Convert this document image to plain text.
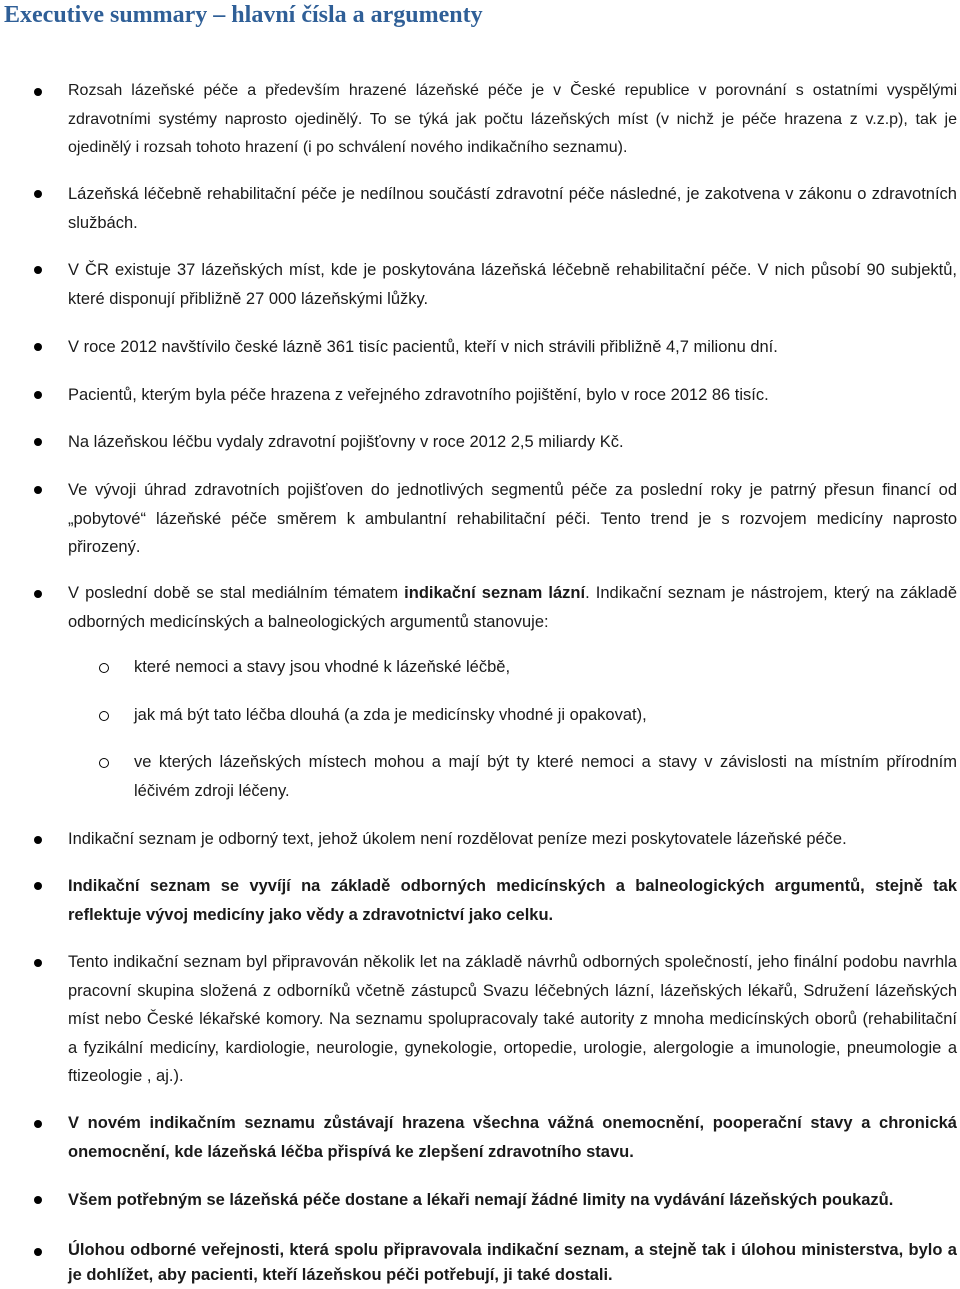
Executive summary – hlavní čísla a argumenty
Rozsah lázeňské péče a především hrazené lázeňské péče je v České republice v porovnání s ostatními vyspělými zdravotními systémy naprosto ojedinělý. To se týká jak počtu lázeňských míst (v nichž je péče hrazena z v.z.p), tak je ojedinělý i rozsah tohoto hrazení (i po schválení nového indikačního seznamu).
Lázeňská léčebně rehabilitační péče je nedílnou součástí zdravotní péče následné, je zakotvena v zákonu o zdravotních službách.
V ČR existuje 37 lázeňských míst, kde je poskytována lázeňská léčebně rehabilitační péče. V nich působí 90 subjektů, které disponují přibližně 27 000 lázeňskými lůžky.
V roce 2012 navštívilo české lázně 361 tisíc pacientů, kteří v nich strávili přibližně 4,7 milionu dní.
Pacientů, kterým byla péče hrazena z veřejného zdravotního pojištění, bylo v roce 2012 86 tisíc.
Na lázeňskou léčbu vydaly zdravotní pojišťovny v roce 2012 2,5 miliardy Kč.
Ve vývoji úhrad zdravotních pojišťoven do jednotlivých segmentů péče za poslední roky je patrný přesun financí od „pobytové“ lázeňské péče směrem k ambulantní rehabilitační péči. Tento trend je s rozvojem medicíny naprosto přirozený.
V poslední době se stal mediálním tématem indikační seznam lázní. Indikační seznam je nástrojem, který na základě odborných medicínských a balneologických argumentů stanovuje:
které nemoci a stavy jsou vhodné k lázeňské léčbě,
jak má být tato léčba dlouhá (a zda je medicínsky vhodné ji opakovat),
ve kterých lázeňských místech mohou a mají být ty které nemoci a stavy v závislosti na místním přírodním léčivém zdroji léčeny.
Indikační seznam je odborný text, jehož úkolem není rozdělovat peníze mezi poskytovatele lázeňské péče.
Indikační seznam se vyvíjí na základě odborných medicínských a balneologických argumentů, stejně tak reflektuje vývoj medicíny jako vědy a zdravotnictví jako celku.
Tento indikační seznam byl připravován několik let na základě návrhů odborných společností, jeho finální podobu navrhla pracovní skupina složená z odborníků včetně zástupců Svazu léčebných lázní, lázeňských lékařů, Sdružení lázeňských míst nebo České lékařské komory. Na seznamu spolupracovaly také autority z mnoha medicínských oborů (rehabilitační a fyzikální medicíny, kardiologie, neurologie, gynekologie, ortopedie, urologie, alergologie a imunologie, pneumologie a ftizeologie , aj.).
V novém indikačním seznamu zůstávají hrazena všechna vážná onemocnění, pooperační stavy a chronická onemocnění, kde lázeňská léčba přispívá ke zlepšení zdravotního stavu.
Všem potřebným se lázeňská péče dostane a lékaři nemají žádné limity na vydávání lázeňských poukazů.
Úlohou odborné veřejnosti, která spolu připravovala indikační seznam, a stejně tak i úlohou ministerstva, bylo a je dohlížet, aby pacienti, kteří lázeňskou péči potřebují, ji také dostali.
